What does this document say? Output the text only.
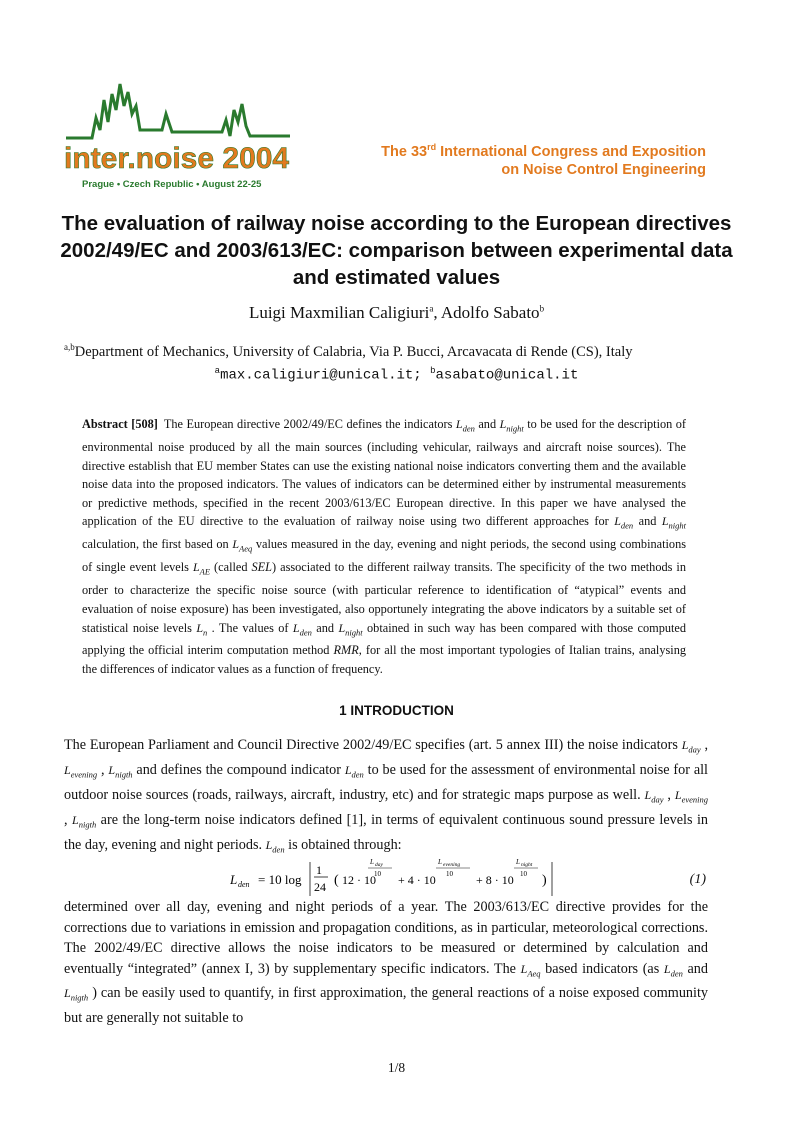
inter.noise 2004
Prague • Czech Republic • August 22-25
The 33rd International Congress and Exposition
on Noise Control Engineering
The evaluation of railway noise according to the European directives 2002/49/EC and 2003/613/EC: comparison between experimental data and estimated values
Luigi Maxmilian Caligiuri$^a$, Adolfo Sabato$^b$
$^{a,b}$Department of Mechanics, University of Calabria, Via P. Bucci, Arcavacata di Rende (CS), Italy
$^a$max.caligiuri@unical.it; $^b$asabato@unical.it
Abstract [508] The European directive 2002/49/EC defines the indicators $L_{den}$ and $L_{night}$ to be used for the description of environmental noise produced by all the main sources (including vehicular, railways and aircraft noise sources). The directive establish that EU member States can use the existing national noise indicators converting them and the available noise data into the proposed indicators. The values of indicators can be determined either by instrumental measurements or predictive methods, specified in the recent 2003/613/EC European directive. In this paper we have analysed the application of the EU directive to the evaluation of railway noise using two different approaches for $L_{den}$ and $L_{night}$ calculation, the first based on $L_{Aeq}$ values measured in the day, evening and night periods, the second using combinations of single event levels $L_{AE}$ (called SEL) associated to the different railway transits. The specificity of the two methods in order to characterize the specific noise source (with particular reference to identification of “atypical” events and evaluation of noise exposure) has been investigated, also opportunely integrating the above indicators by a suitable set of statistical noise levels $L_n$ . The values of $L_{den}$ and $L_{night}$ obtained in such way has been compared with those computed applying the official interim computation method RMR, for all the most important typologies of Italian trains, analysing the differences of indicator values as a function of frequency.
1 INTRODUCTION
The European Parliament and Council Directive 2002/49/EC specifies (art. 5 annex III) the noise indicators $L_{day}$ , $L_{evening}$ , $L_{nigth}$ and defines the compound indicator $L_{den}$ to be used for the assessment of environmental noise for all outdoor noise sources (roads, railways, aircraft, industry, etc) and for strategic maps purpose as well. $L_{day}$ , $L_{evening}$ , $L_{nigth}$ are the long-term noise indicators defined [1], in terms of equivalent continuous sound pressure levels in the day, evening and night periods. $L_{den}$ is obtained through:
L den = 10 log
1
24 ( 12 · 10
L day
10 + 4 · 10
L evening
10 + 8 · 10
L night
10 )	(1)
determined over all day, evening and night periods of a year. The 2003/613/EC directive provides for the corrections due to variations in emission and propagation conditions, as in particular, meteorological corrections. The 2002/49/EC directive allows the noise indicators to be measured or determined by calculation and eventually “integrated” (annex I, 3) by supplementary specific indicators. The $L_{Aeq}$ based indicators (as $L_{den}$ and $L_{nigth}$ ) can be easily used to quantify, in first approximation, the general reactions of a noise exposed community but are generally not suitable to
1/8
